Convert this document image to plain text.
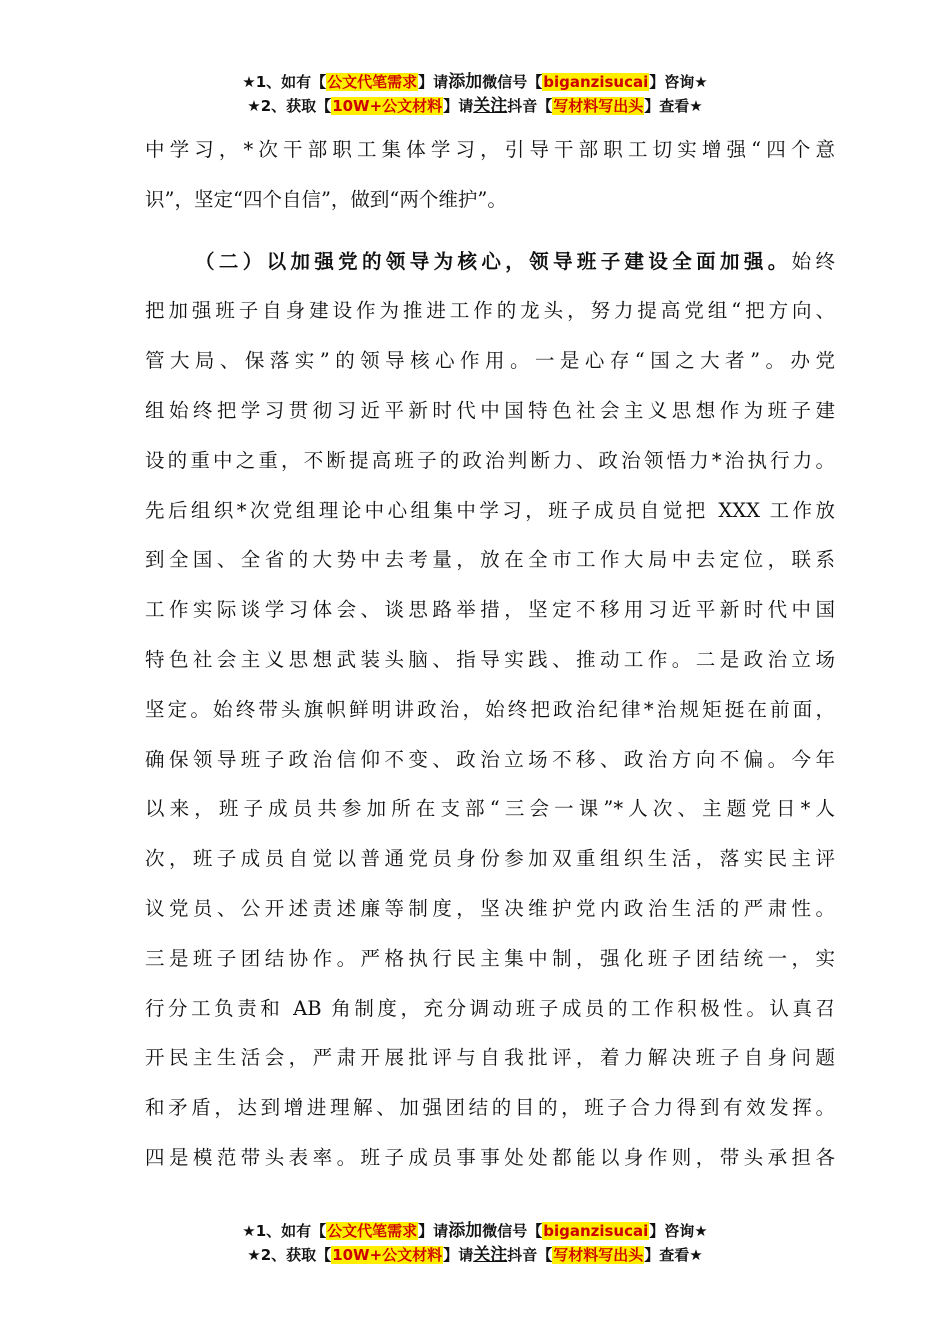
★1、如有【公文代笔需求】请添加微信号【biganzisucai】咨询★
★2、获取【10W+公文材料】请关注抖音【写材料写出头】查看★
中学习，*次干部职工集体学习，引导干部职工切实增强“四个意
识”，坚定“四个自信”，做到“两个维护”。
（二）以加强党的领导为核心，领导班子建设全面加强。始终
把加强班子自身建设作为推进工作的龙头，努力提高党组“把方向、
管大局、保落实”的领导核心作用。一是心存“国之大者”。办党
组始终把学习贯彻习近平新时代中国特色社会主义思想作为班子建
设的重中之重，不断提高班子的政治判断力、政治领悟力*治执行力。
先后组织*次党组理论中心组集中学习，班子成员自觉把 XXX 工作放
到全国、全省的大势中去考量，放在全市工作大局中去定位，联系
工作实际谈学习体会、谈思路举措，坚定不移用习近平新时代中国
特色社会主义思想武装头脑、指导实践、推动工作。二是政治立场
坚定。始终带头旗帜鲜明讲政治，始终把政治纪律*治规矩挺在前面，
确保领导班子政治信仰不变、政治立场不移、政治方向不偏。今年
以来，班子成员共参加所在支部“三会一课”*人次、主题党日*人
次，班子成员自觉以普通党员身份参加双重组织生活，落实民主评
议党员、公开述责述廉等制度，坚决维护党内政治生活的严肃性。
三是班子团结协作。严格执行民主集中制，强化班子团结统一，实
行分工负责和 AB 角制度，充分调动班子成员的工作积极性。认真召
开民主生活会，严肃开展批评与自我批评，着力解决班子自身问题
和矛盾，达到增进理解、加强团结的目的，班子合力得到有效发挥。
四是模范带头表率。班子成员事事处处都能以身作则，带头承担各
★1、如有【公文代笔需求】请添加微信号【biganzisucai】咨询★
★2、获取【10W+公文材料】请关注抖音【写材料写出头】查看★
